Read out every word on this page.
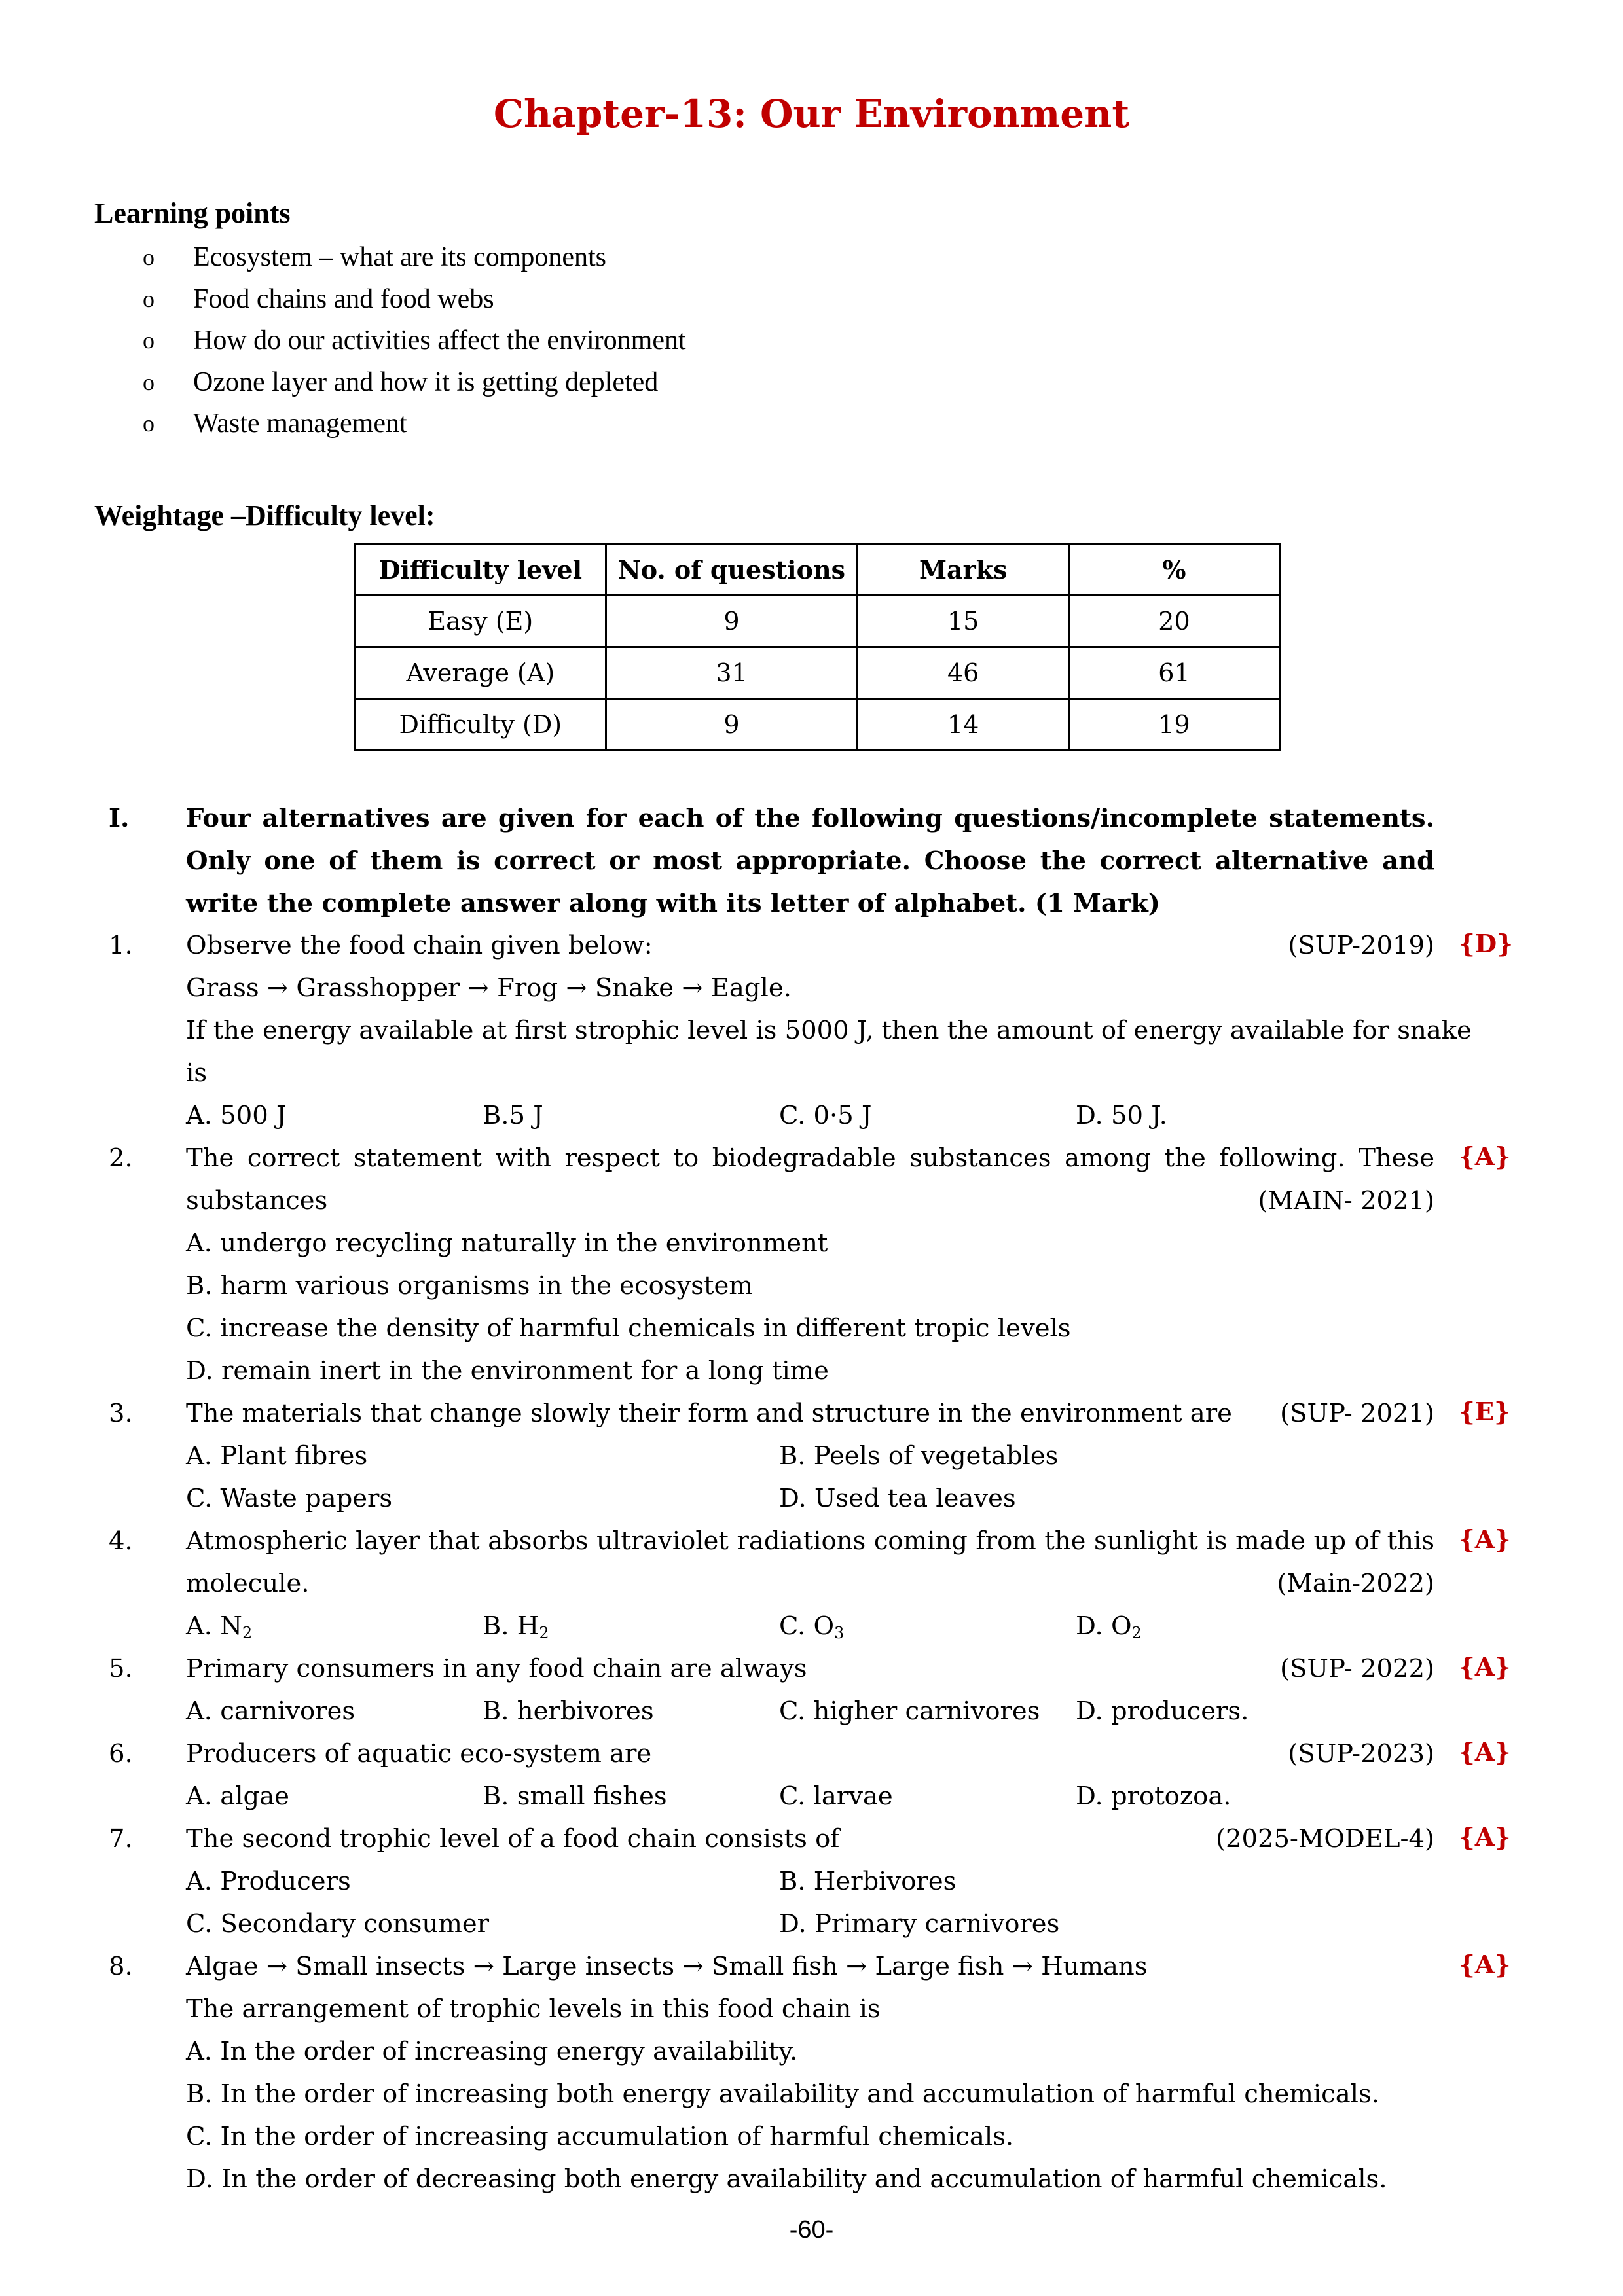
Chapter-13: Our Environment
Learning points
o Ecosystem – what are its components
o Food chains and food webs
o How do our activities affect the environment
o Ozone layer and how it is getting depleted
o Waste management
Weightage –Difficulty level:
Difficulty level	No. of questions	Marks	%
Easy (E)	9	15	20
Average (A)	31	46	61
Difficulty (D)	9	14	19
I. Four alternatives are given for each of the following questions/incomplete statements. Only one of them is correct or most appropriate. Choose the correct alternative and write the complete answer along with its letter of alphabet. (1 Mark)
1. Observe the food chain given below:	(SUP-2019) {D}
Grass → Grasshopper → Frog → Snake → Eagle.
If the energy available at first strophic level is 5000 J, then the amount of energy available for snake
is
A. 500 J	B.5 J	C. 0·5 J	D. 50 J.
2. The correct statement with respect to biodegradable substances among the following. These {A}
substances	(MAIN- 2021)
A. undergo recycling naturally in the environment
B. harm various organisms in the ecosystem
C. increase the density of harmful chemicals in different tropic levels
D. remain inert in the environment for a long time
3. The materials that change slowly their form and structure in the environment are (SUP- 2021) {E}
A. Plant fibres	B. Peels of vegetables
C. Waste papers	D. Used tea leaves
4. Atmospheric layer that absorbs ultraviolet radiations coming from the sunlight is made up of this {A}
molecule.	(Main-2022)
A. $N_2$	B. $H_2$	C. $O_3$	D. $O_2$
5. Primary consumers in any food chain are always	(SUP- 2022) {A}
A. carnivores	B. herbivores	C. higher carnivores D. producers.
6. Producers of aquatic eco-system are	(SUP-2023) {A}
A. algae	B. small fishes	C. larvae	D. protozoa.
7. The second trophic level of a food chain consists of	(2025-MODEL-4) {A}
A. Producers	B. Herbivores
C. Secondary consumer	D. Primary carnivores
8. Algae → Small insects → Large insects → Small fish → Large fish → Humans	{A}
The arrangement of trophic levels in this food chain is
A. In the order of increasing energy availability.
B. In the order of increasing both energy availability and accumulation of harmful chemicals.
C. In the order of increasing accumulation of harmful chemicals.
D. In the order of decreasing both energy availability and accumulation of harmful chemicals.
-60-
